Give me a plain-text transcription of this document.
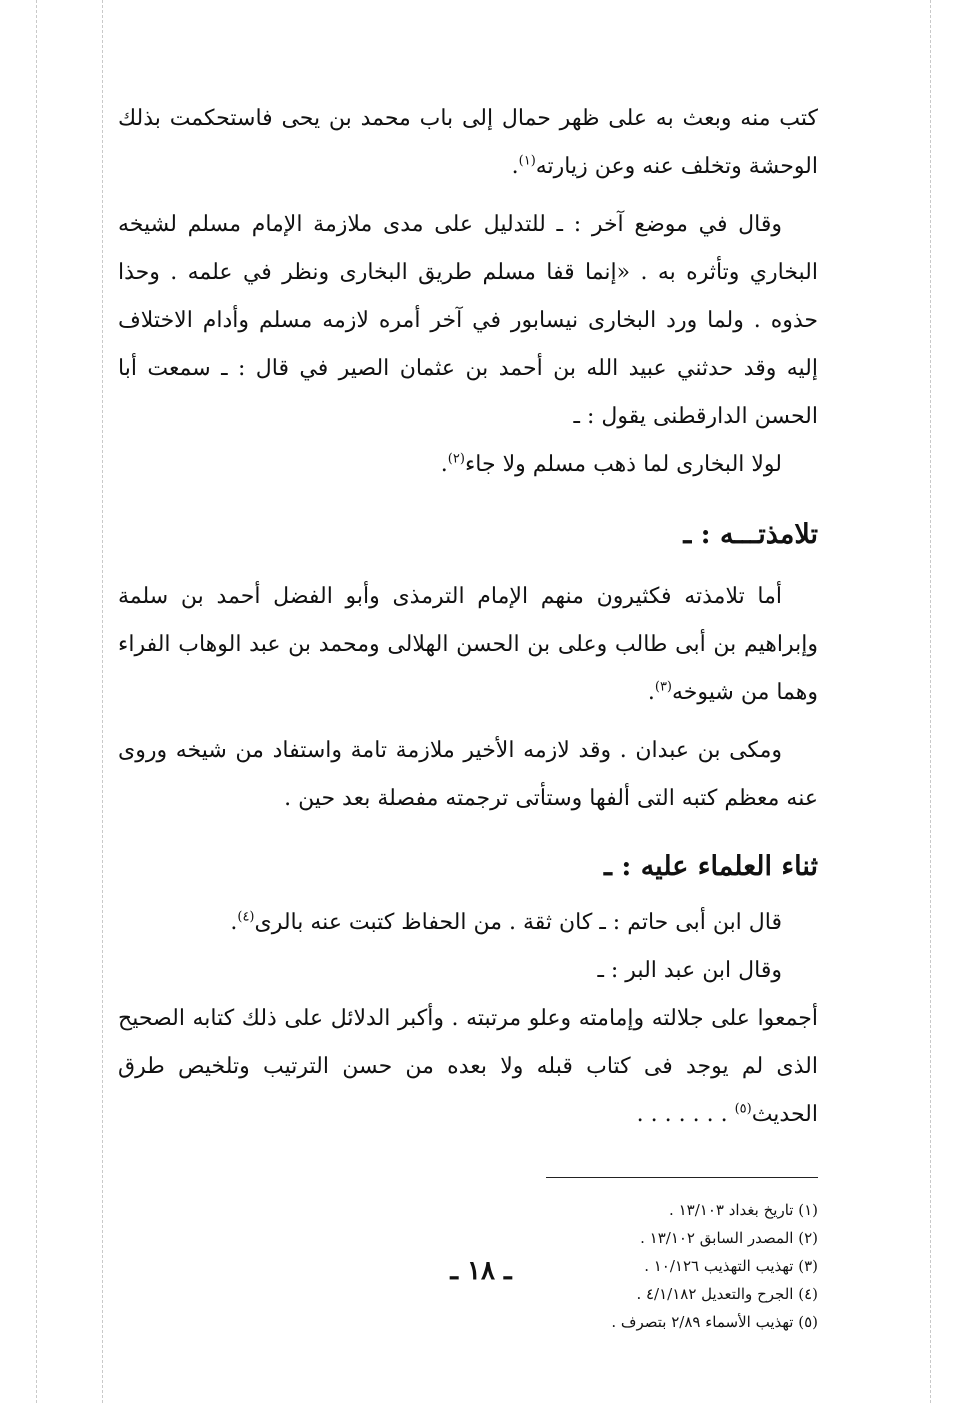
كتب منه وبعث به على ظهر حمال إلى باب محمد بن يحى فاستحكمت بذلك الوحشة وتخلف عنه وعن زيارته$^{(١)}$.

وقال في موضع آخر : ـ للتدليل على مدى ملازمة الإمام مسلم لشيخه البخاري وتأثره به . «إنما قفا مسلم طريق البخارى ونظر في علمه . وحذا حذوه . ولما ورد البخارى نيسابور في آخر أمره لازمه مسلم وأدام الاختلاف إليه وقد حدثني عبيد الله بن أحمد بن عثمان الصير في قال : ـ سمعت أبا الحسن الدارقطنى يقول : ـ

لولا البخارى لما ذهب مسلم ولا جاء$^{(٢)}$.

تلامذتـــه : ـ

أما تلامذته فكثيرون منهم الإمام الترمذى وأبو الفضل أحمد بن سلمة وإبراهيم بن أبى طالب وعلى بن الحسن الهلالى ومحمد بن عبد الوهاب الفراء وهما من شيوخه$^{(٣)}$.

ومكى بن عبدان . وقد لازمه الأخير ملازمة تامة واستفاد من شيخه وروى عنه معظم كتبه التى ألفها وستأتى ترجمته مفصلة بعد حين .

ثناء العلماء عليه : ـ

قال ابن أبى حاتم : ـ كان ثقة . من الحفاظ كتبت عنه بالرى$^{(٤)}$.

وقال ابن عبد البر : ـ

أجمعوا على جلالته وإمامته وعلو مرتبته . وأكبر الدلائل على ذلك كتابه الصحيح الذى لم يوجد فى كتاب قبله ولا بعده من حسن الترتيب وتلخيص طرق الحديث$^{(٥)}$ . . . . . . .

(١) تاريخ بغداد ١٣/١٠٣ .

(٢) المصدر السابق ١٣/١٠٢ .

(٣) تهذيب التهذيب ١٠/١٢٦ .

(٤) الجرح والتعديل ٤/١/١٨٢ .

(٥) تهذيب الأسماء ٢/٨٩ بتصرف .

ـ ١٨ ـ
